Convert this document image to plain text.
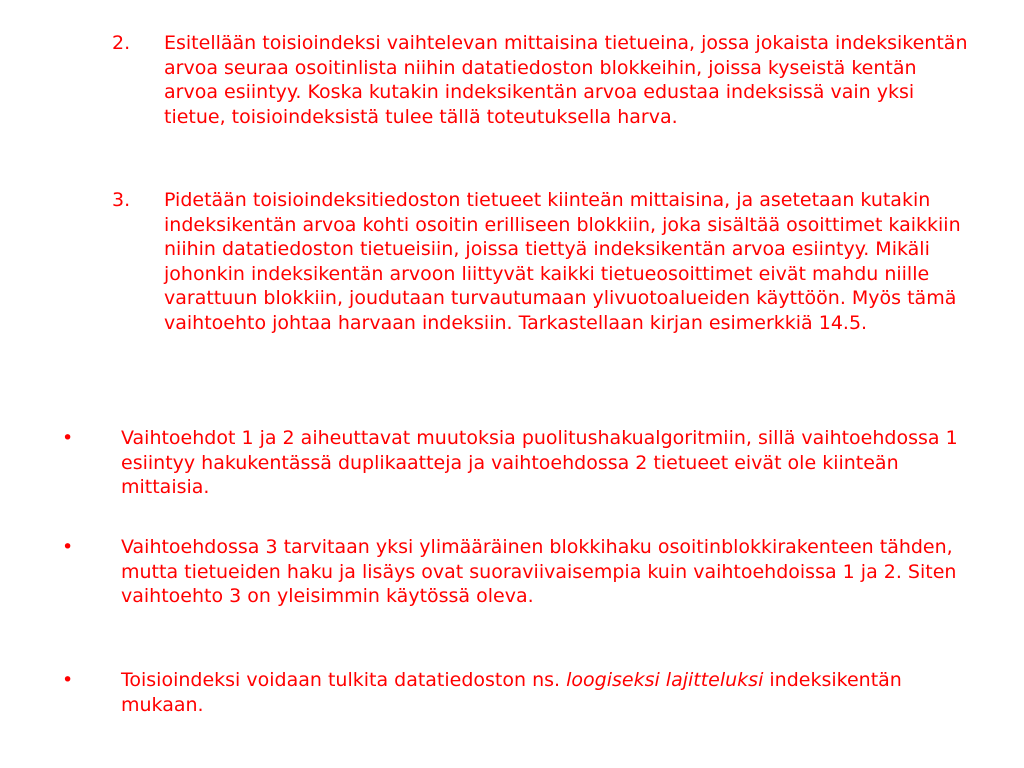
2.	Esitellään toisioindeksi vaihtelevan mittaisina tietueina, jossa jokaista indeksikentän arvoa seuraa osoitinlista niihin datatiedoston blokkeihin, joissa kyseistä kentän arvoa esiintyy. Koska kutakin indeksikentän arvoa edustaa indeksissä vain yksi tietue, toisioindeksistä tulee tällä toteutuksella harva.
3.	Pidetään toisioindeksitiedoston tietueet kiinteän mittaisina, ja asetetaan kutakin indeksikentän arvoa kohti osoitin erilliseen blokkiin, joka sisältää osoittimet kaikkiin niihin datatiedoston tietueisiin, joissa tiettyä indeksikentän arvoa esiintyy. Mikäli johonkin indeksikentän arvoon liittyvät kaikki tietueosoittimet eivät mahdu niille varattuun blokkiin, joudutaan turvautumaan ylivuotoalueiden käyttöön. Myös tämä vaihtoehto johtaa harvaan indeksiin. Tarkastellaan kirjan esimerkkiä 14.5.
•	Vaihtoehdot 1 ja 2 aiheuttavat muutoksia puolitushakualgoritmiin, sillä vaihtoehdossa 1 esiintyy hakukentässä duplikaatteja ja vaihtoehdossa 2 tietueet eivät ole kiinteän mittaisia.
•	Vaihtoehdossa 3 tarvitaan yksi ylimääräinen blokkihaku osoitinblokkirakenteen tähden, mutta tietueiden haku ja lisäys ovat suoraviivaisempia kuin vaihtoehdoissa 1 ja 2. Siten vaihtoehto 3 on yleisimmin käytössä oleva.
•	Toisioindeksi voidaan tulkita datatiedoston ns. loogiseksi lajitteluksi indeksikentän mukaan.
